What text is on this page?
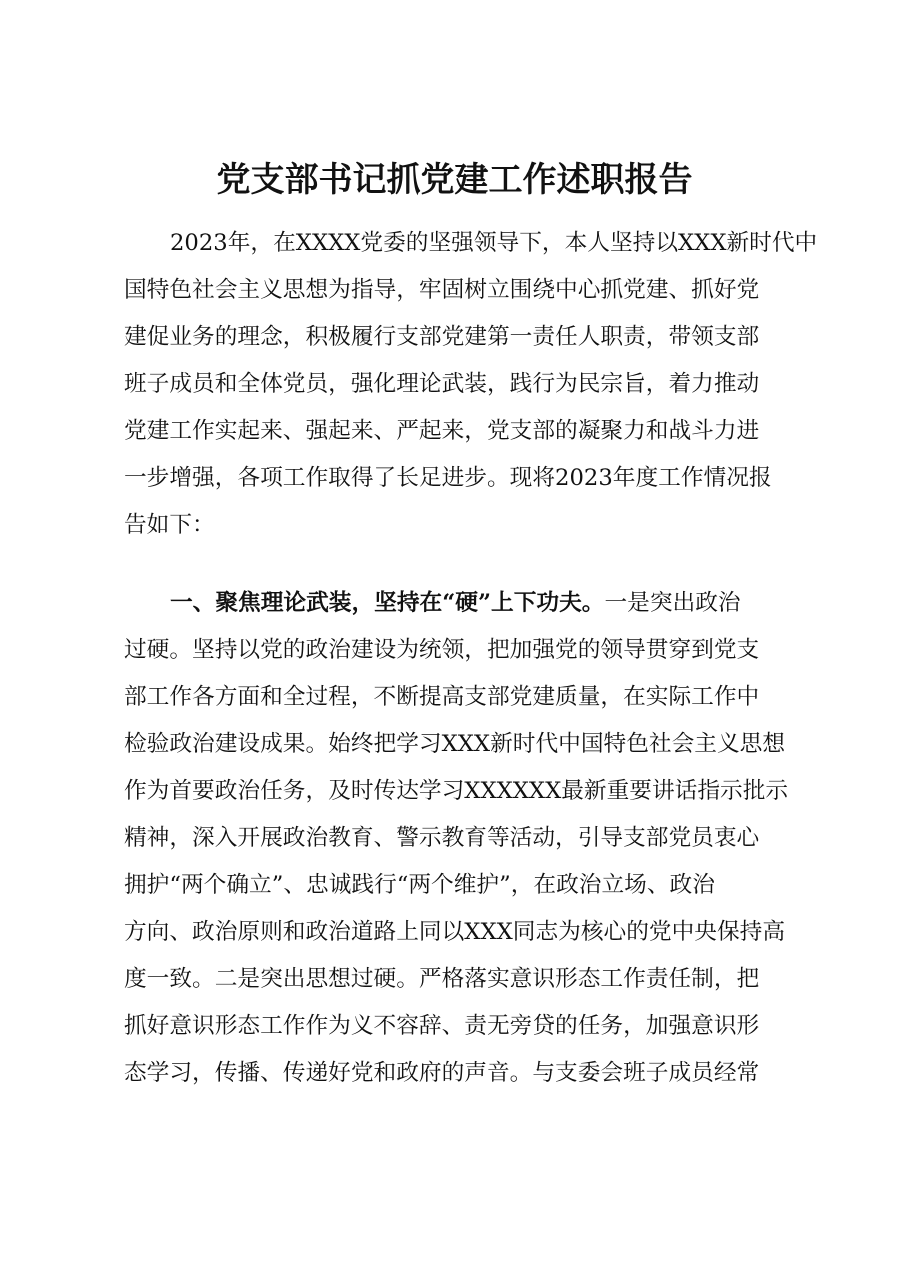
党支部书记抓党建工作述职报告

2023年，在XXXX党委的坚强领导下，本人坚持以XXX新时代中

国特色社会主义思想为指导，牢固树立围绕中心抓党建、抓好党

建促业务的理念，积极履行支部党建第一责任人职责，带领支部

班子成员和全体党员，强化理论武装，践行为民宗旨，着力推动

党建工作实起来、强起来、严起来，党支部的凝聚力和战斗力进

一步增强，各项工作取得了长足进步。现将2023年度工作情况报

告如下：

一、聚焦理论武装，坚持在“硬”上下功夫。一是突出政治

过硬。坚持以党的政治建设为统领，把加强党的领导贯穿到党支

部工作各方面和全过程，不断提高支部党建质量，在实际工作中

检验政治建设成果。始终把学习XXX新时代中国特色社会主义思想

作为首要政治任务，及时传达学习XXXXXX最新重要讲话指示批示

精神，深入开展政治教育、警示教育等活动，引导支部党员衷心

拥护“两个确立”、忠诚践行“两个维护”，在政治立场、政治

方向、政治原则和政治道路上同以XXX同志为核心的党中央保持高

度一致。二是突出思想过硬。严格落实意识形态工作责任制，把

抓好意识形态工作作为义不容辞、责无旁贷的任务，加强意识形

态学习，传播、传递好党和政府的声音。与支委会班子成员经常
